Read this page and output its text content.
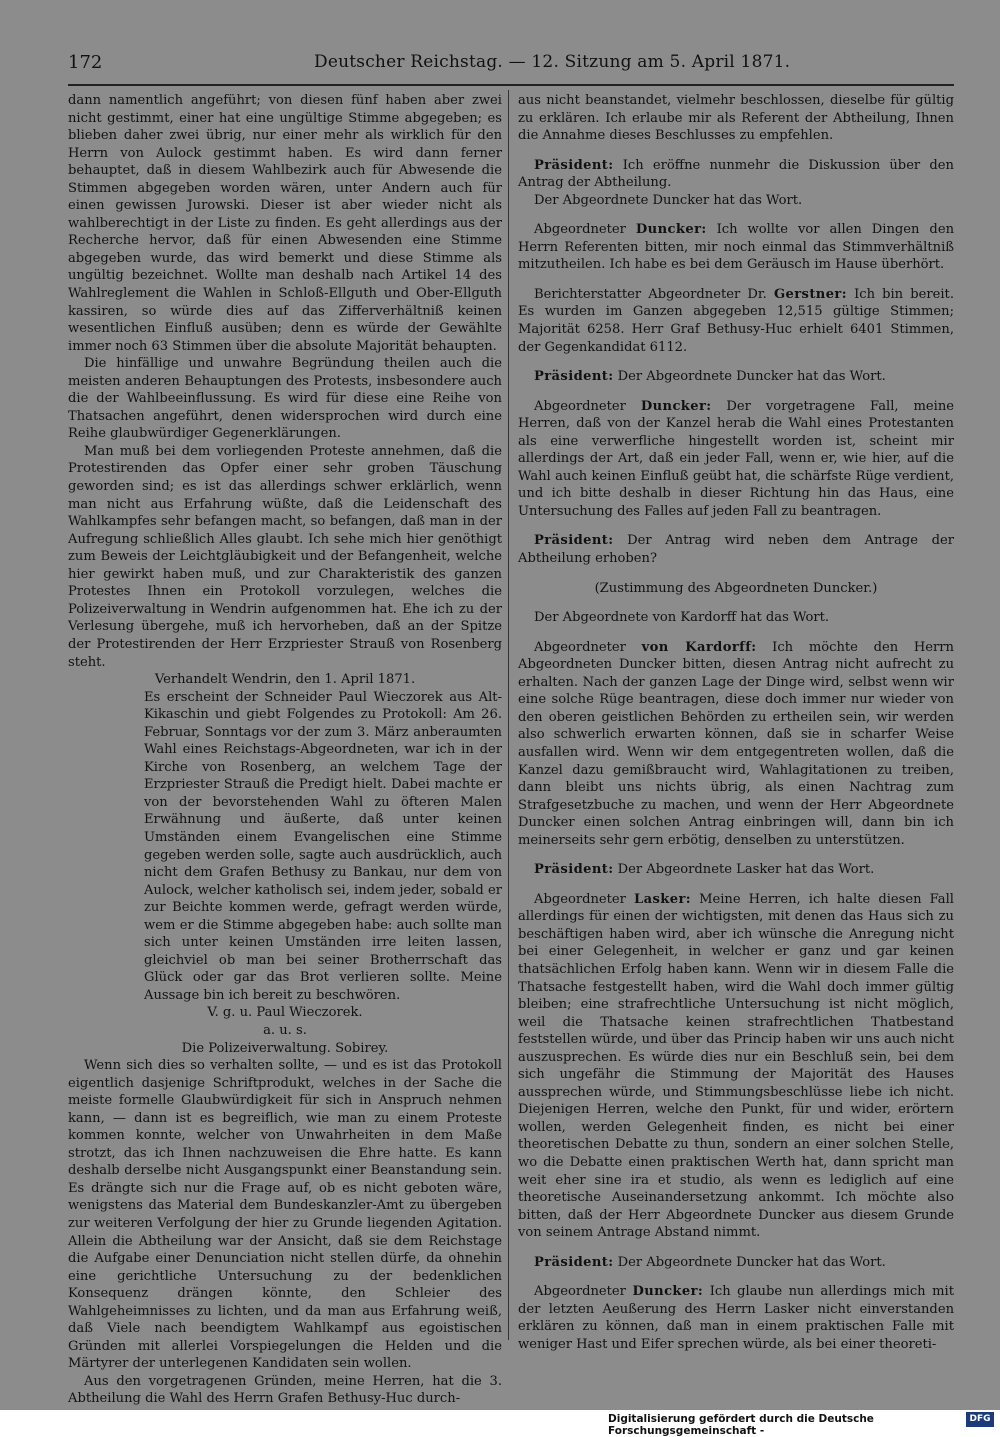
172	Deutscher Reichstag. — 12. Sitzung am 5. April 1871.

dann namentlich angeführt; von diesen fünf haben aber zwei nicht gestimmt, einer hat eine ungültige Stimme abgegeben; es blieben daher zwei übrig, nur einer mehr als wirklich für den Herrn von Aulock gestimmt haben. Es wird dann ferner behauptet, daß in diesem Wahlbezirk auch für Abwesende die Stimmen abgegeben worden wären, unter Andern auch für einen gewissen Jurowski. Dieser ist aber wieder nicht als wahlberechtigt in der Liste zu finden. Es geht allerdings aus der Recherche hervor, daß für einen Abwesenden eine Stimme abgegeben wurde, das wird bemerkt und diese Stimme als ungültig bezeichnet. Wollte man deshalb nach Artikel 14 des Wahlreglement die Wahlen in Schloß-Ellguth und Ober-Ellguth kassiren, so würde dies auf das Zifferverhältniß keinen wesentlichen Einfluß ausüben; denn es würde der Gewählte immer noch 63 Stimmen über die absolute Majorität behaupten.

Die hinfällige und unwahre Begründung theilen auch die meisten anderen Behauptungen des Protests, insbesondere auch die der Wahlbeeinflussung. Es wird für diese eine Reihe von Thatsachen angeführt, denen widersprochen wird durch eine Reihe glaubwürdiger Gegenerklärungen.

Man muß bei dem vorliegenden Proteste annehmen, daß die Protestirenden das Opfer einer sehr groben Täuschung geworden sind; es ist das allerdings schwer erklärlich, wenn man nicht aus Erfahrung wüßte, daß die Leidenschaft des Wahlkampfes sehr befangen macht, so befangen, daß man in der Aufregung schließlich Alles glaubt. Ich sehe mich hier genöthigt zum Beweis der Leichtgläubigkeit und der Befangenheit, welche hier gewirkt haben muß, und zur Charakteristik des ganzen Protestes Ihnen ein Protokoll vorzulegen, welches die Polizeiverwaltung in Wendrin aufgenommen hat. Ehe ich zu der Verlesung übergehe, muß ich hervorheben, daß an der Spitze der Protestirenden der Herr Erzpriester Strauß von Rosenberg steht.

Verhandelt Wendrin, den 1. April 1871.

Es erscheint der Schneider Paul Wieczorek aus Alt-Kikaschin und giebt Folgendes zu Protokoll: Am 26. Februar, Sonntags vor der zum 3. März anberaumten Wahl eines Reichstags-Abgeordneten, war ich in der Kirche von Rosenberg, an welchem Tage der Erzpriester Strauß die Predigt hielt. Dabei machte er von der bevorstehenden Wahl zu öfteren Malen Erwähnung und äußerte, daß unter keinen Umständen einem Evangelischen eine Stimme gegeben werden solle, sagte auch ausdrücklich, auch nicht dem Grafen Bethusy zu Bankau, nur dem von Aulock, welcher katholisch sei, indem jeder, sobald er zur Beichte kommen werde, gefragt werden würde, wem er die Stimme abgegeben habe: auch sollte man sich unter keinen Umständen irre leiten lassen, gleichviel ob man bei seiner Brotherrschaft das Glück oder gar das Brot verlieren sollte. Meine Aussage bin ich bereit zu beschwören.

V. g. u. Paul Wieczorek.

a. u. s.

Die Polizeiverwaltung. Sobirey.

Wenn sich dies so verhalten sollte, — und es ist das Protokoll eigentlich dasjenige Schriftprodukt, welches in der Sache die meiste formelle Glaubwürdigkeit für sich in Anspruch nehmen kann, — dann ist es begreiflich, wie man zu einem Proteste kommen konnte, welcher von Unwahrheiten in dem Maße strotzt, das ich Ihnen nachzuweisen die Ehre hatte. Es kann deshalb derselbe nicht Ausgangspunkt einer Beanstandung sein. Es drängte sich nur die Frage auf, ob es nicht geboten wäre, wenigstens das Material dem Bundeskanzler-Amt zu übergeben zur weiteren Verfolgung der hier zu Grunde liegenden Agitation. Allein die Abtheilung war der Ansicht, daß sie dem Reichstage die Aufgabe einer Denunciation nicht stellen dürfe, da ohnehin eine gerichtliche Untersuchung zu der bedenklichen Konsequenz drängen könnte, den Schleier des Wahlgeheimnisses zu lichten, und da man aus Erfahrung weiß, daß Viele nach beendigtem Wahlkampf aus egoistischen Gründen mit allerlei Vorspiegelungen die Helden und die Märtyrer der unterlegenen Kandidaten sein wollen.

Aus den vorgetragenen Gründen, meine Herren, hat die 3. Abtheilung die Wahl des Herrn Grafen Bethusy-Huc durch-

aus nicht beanstandet, vielmehr beschlossen, dieselbe für gültig zu erklären. Ich erlaube mir als Referent der Abtheilung, Ihnen die Annahme dieses Beschlusses zu empfehlen.

Präsident: Ich eröffne nunmehr die Diskussion über den Antrag der Abtheilung.

Der Abgeordnete Duncker hat das Wort.

Abgeordneter Duncker: Ich wollte vor allen Dingen den Herrn Referenten bitten, mir noch einmal das Stimmverhältniß mitzutheilen. Ich habe es bei dem Geräusch im Hause überhört.

Berichterstatter Abgeordneter Dr. Gerstner: Ich bin bereit. Es wurden im Ganzen abgegeben 12,515 gültige Stimmen; Majorität 6258. Herr Graf Bethusy-Huc erhielt 6401 Stimmen, der Gegenkandidat 6112.

Präsident: Der Abgeordnete Duncker hat das Wort.

Abgeordneter Duncker: Der vorgetragene Fall, meine Herren, daß von der Kanzel herab die Wahl eines Protestanten als eine verwerfliche hingestellt worden ist, scheint mir allerdings der Art, daß ein jeder Fall, wenn er, wie hier, auf die Wahl auch keinen Einfluß geübt hat, die schärfste Rüge verdient, und ich bitte deshalb in dieser Richtung hin das Haus, eine Untersuchung des Falles auf jeden Fall zu beantragen.

Präsident: Der Antrag wird neben dem Antrage der Abtheilung erhoben?

(Zustimmung des Abgeordneten Duncker.)

Der Abgeordnete von Kardorff hat das Wort.

Abgeordneter von Kardorff: Ich möchte den Herrn Abgeordneten Duncker bitten, diesen Antrag nicht aufrecht zu erhalten. Nach der ganzen Lage der Dinge wird, selbst wenn wir eine solche Rüge beantragen, diese doch immer nur wieder von den oberen geistlichen Behörden zu ertheilen sein, wir werden also schwerlich erwarten können, daß sie in scharfer Weise ausfallen wird. Wenn wir dem entgegentreten wollen, daß die Kanzel dazu gemißbraucht wird, Wahlagitationen zu treiben, dann bleibt uns nichts übrig, als einen Nachtrag zum Strafgesetzbuche zu machen, und wenn der Herr Abgeordnete Duncker einen solchen Antrag einbringen will, dann bin ich meinerseits sehr gern erbötig, denselben zu unterstützen.

Präsident: Der Abgeordnete Lasker hat das Wort.

Abgeordneter Lasker: Meine Herren, ich halte diesen Fall allerdings für einen der wichtigsten, mit denen das Haus sich zu beschäftigen haben wird, aber ich wünsche die Anregung nicht bei einer Gelegenheit, in welcher er ganz und gar keinen thatsächlichen Erfolg haben kann. Wenn wir in diesem Falle die Thatsache festgestellt haben, wird die Wahl doch immer gültig bleiben; eine strafrechtliche Untersuchung ist nicht möglich, weil die Thatsache keinen strafrechtlichen Thatbestand feststellen würde, und über das Princip haben wir uns auch nicht auszusprechen. Es würde dies nur ein Beschluß sein, bei dem sich ungefähr die Stimmung der Majorität des Hauses aussprechen würde, und Stimmungsbeschlüsse liebe ich nicht. Diejenigen Herren, welche den Punkt, für und wider, erörtern wollen, werden Gelegenheit finden, es nicht bei einer theoretischen Debatte zu thun, sondern an einer solchen Stelle, wo die Debatte einen praktischen Werth hat, dann spricht man weit eher sine ira et studio, als wenn es lediglich auf eine theoretische Auseinandersetzung ankommt. Ich möchte also bitten, daß der Herr Abgeordnete Duncker aus diesem Grunde von seinem Antrage Abstand nimmt.

Präsident: Der Abgeordnete Duncker hat das Wort.

Abgeordneter Duncker: Ich glaube nun allerdings mich mit der letzten Aeußerung des Herrn Lasker nicht einverstanden erklären zu können, daß man in einem praktischen Falle mit weniger Hast und Eifer sprechen würde, als bei einer theoreti-

Digitalisierung gefördert durch die Deutsche Forschungsgemeinschaft -
DFG
